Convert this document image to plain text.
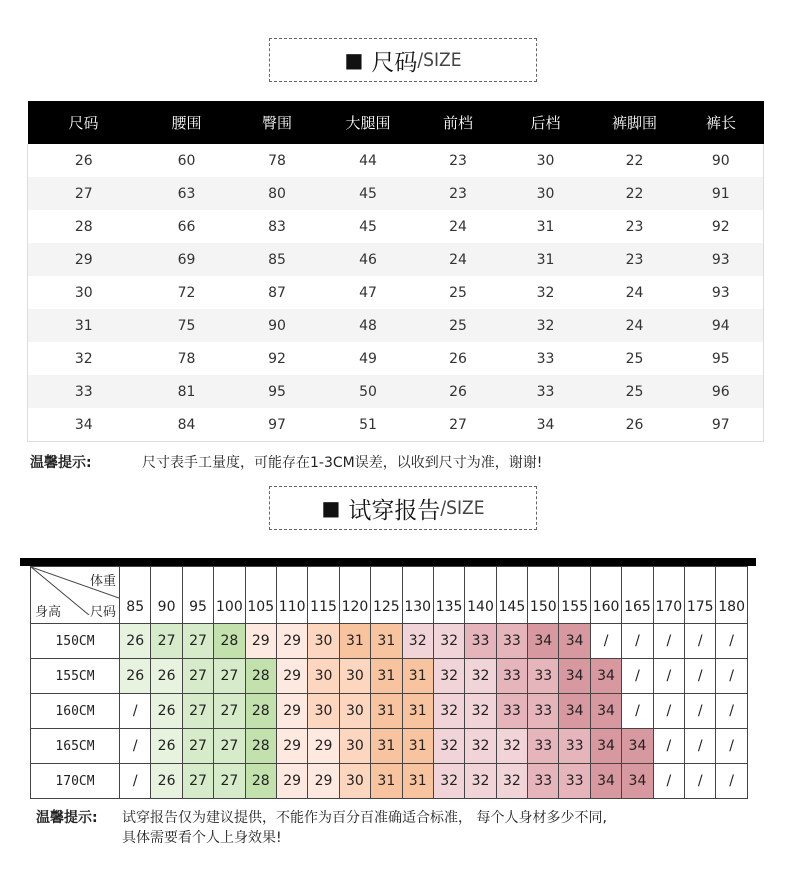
■ 尺码 /SIZE
尺码	腰围	臀围	大腿围	前档	后档	裤脚围	裤长
26	60	78	44	23	30	22	90
27	63	80	45	23	30	22	91
28	66	83	45	24	31	23	92
29	69	85	46	24	31	23	93
30	72	87	47	25	32	24	93
31	75	90	48	25	32	24	94
32	78	92	49	26	33	25	95
33	81	95	50	26	33	25	96
34	84	97	51	27	34	26	97
温馨提示:	尺寸表手工量度，可能存在1-3CM误差，以收到尺寸为准，谢谢!
■ 试穿报告 /SIZE
体重
身高 尺码	85	90	95	100	105	110	115	120	125	130	135	140	145	150	155	160	165	170	175	180
150CM	26	27	27	28	29	29	30	31	31	32	32	33	33	34	34	/	/	/	/	/
155CM	26	26	27	27	28	29	30	30	31	31	32	32	33	33	34	34	/	/	/	/
160CM	/	26	27	27	28	29	30	30	31	31	32	32	33	33	34	34	/	/	/	/
165CM	/	26	27	27	28	29	29	30	31	31	32	32	32	33	33	34	34	/	/	/
170CM	/	26	27	27	28	29	29	30	31	31	32	32	32	33	33	34	34	/	/	/
温馨提示: 试穿报告仅为建议提供，不能作为百分百准确适合标准， 每个人身材多少不同,
具体需要看个人上身效果!
